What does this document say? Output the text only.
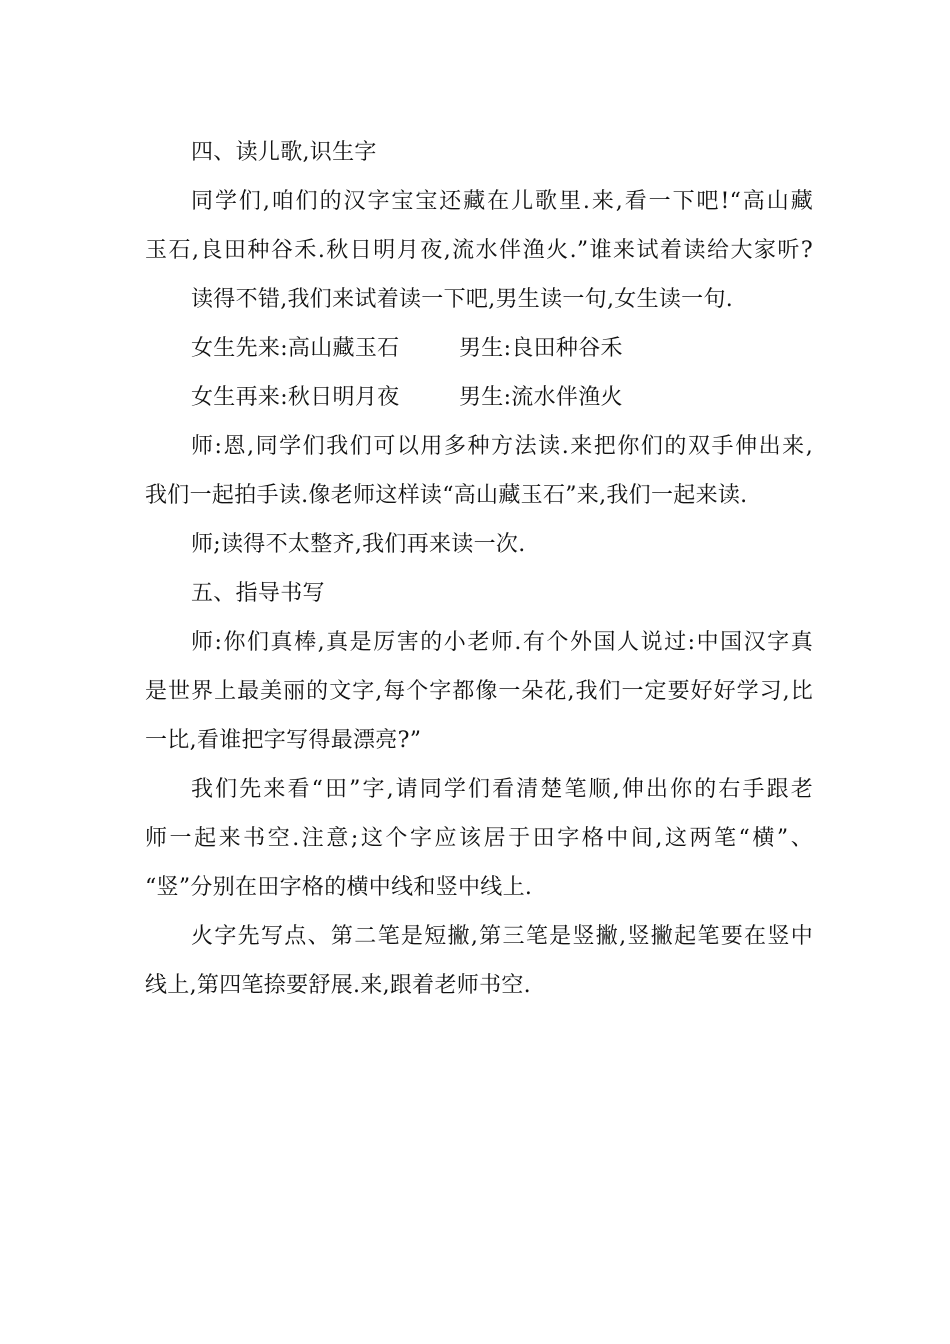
四、读儿歌,识生字
同学们,咱们的汉字宝宝还藏在儿歌里.来,看一下吧!“高山藏
玉石,良田种谷禾.秋日明月夜,流水伴渔火.”谁来试着读给大家听?
读得不错,我们来试着读一下吧,男生读一句,女生读一句.
女生先来:高山藏玉石	男生:良田种谷禾
女生再来:秋日明月夜	男生:流水伴渔火
师:恩,同学们我们可以用多种方法读.来把你们的双手伸出来,
我们一起拍手读.像老师这样读“高山藏玉石”来,我们一起来读.
师;读得不太整齐,我们再来读一次.
五、指导书写
师:你们真棒,真是厉害的小老师.有个外国人说过:中国汉字真
是世界上最美丽的文字,每个字都像一朵花,我们一定要好好学习,比
一比,看谁把字写得最漂亮?”
我们先来看“田”字,请同学们看清楚笔顺,伸出你的右手跟老
师一起来书空.注意;这个字应该居于田字格中间,这两笔“横”、
“竖”分别在田字格的横中线和竖中线上.
火字先写点、第二笔是短撇,第三笔是竖撇,竖撇起笔要在竖中
线上,第四笔捺要舒展.来,跟着老师书空.
